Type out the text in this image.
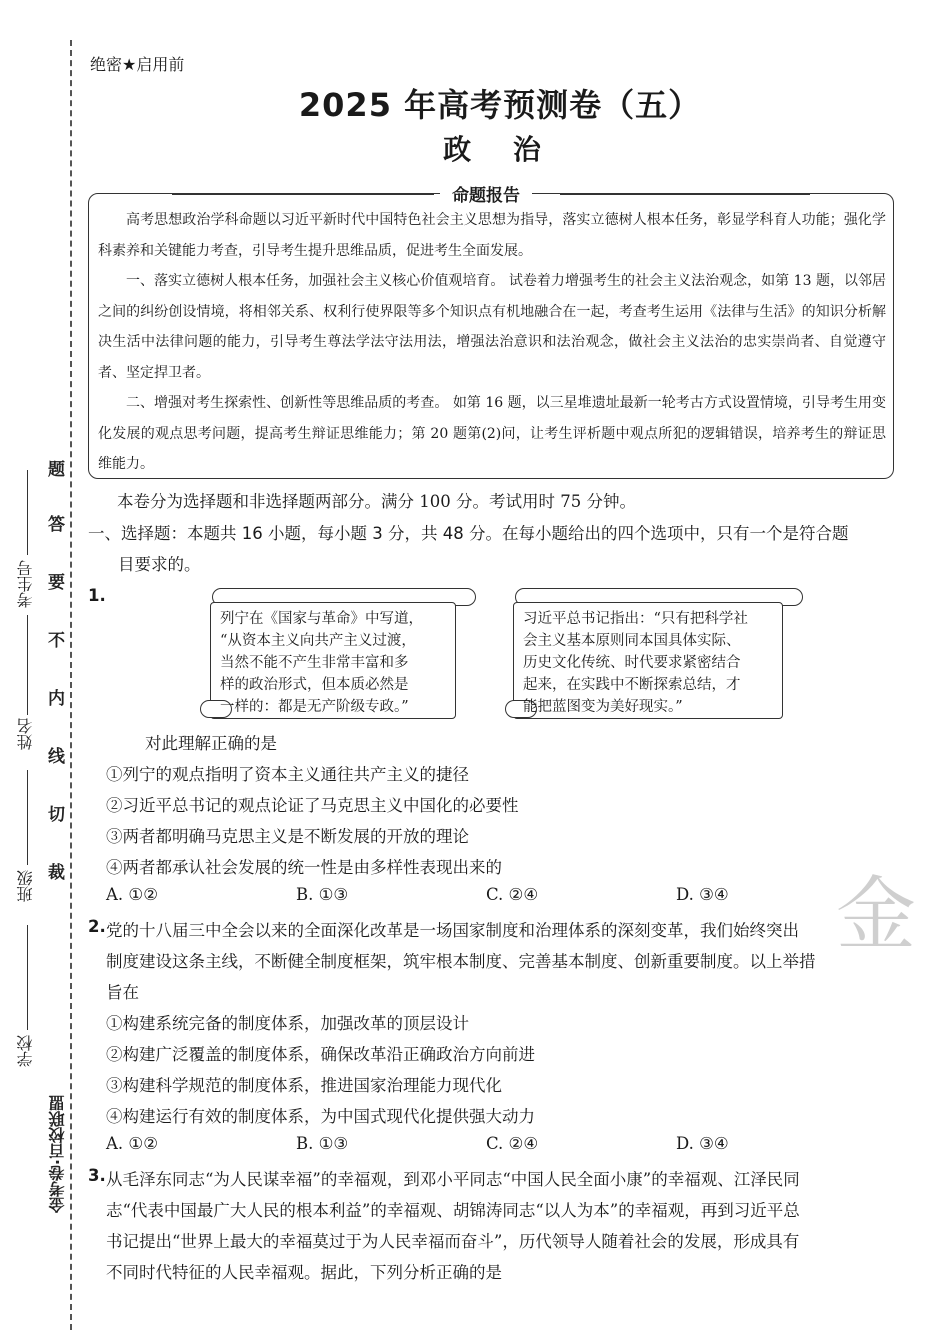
考生号
姓名
班级
学校
金考卷·百校联盟
题
答
要
不
内
线
切
裁
绝密★启用前
2025 年高考预测卷（五）
政 治
命题报告

高考思想政治学科命题以习近平新时代中国特色社会主义思想为指导，落实立德树人根本任务，彰显学科育人功能；强化学科素养和关键能力考查，引导考生提升思维品质，促进考生全面发展。

一、落实立德树人根本任务，加强社会主义核心价值观培育。 试卷着力增强考生的社会主义法治观念，如第 13 题，以邻居之间的纠纷创设情境，将相邻关系、权利行使界限等多个知识点有机地融合在一起，考查考生运用《法律与生活》的知识分析解决生活中法律问题的能力，引导考生尊法学法守法用法，增强法治意识和法治观念，做社会主义法治的忠实崇尚者、自觉遵守者、坚定捍卫者。

二、增强对考生探索性、创新性等思维品质的考查。 如第 16 题，以三星堆遗址最新一轮考古方式设置情境，引导考生用变化发展的观点思考问题，提高考生辩证思维能力；第 20 题第(2)问，让考生评析题中观点所犯的逻辑错误，培养考生的辩证思维能力。

本卷分为选择题和非选择题两部分。满分 100 分。考试用时 75 分钟。
一、选择题：本题共 16 小题，每小题 3 分，共 48 分。在每小题给出的四个选项中，只有一个是符合题
目要求的。
1.
列宁在《国家与革命》中写道，
“从资本主义向共产主义过渡，
当然不能不产生非常丰富和多
样的政治形式，但本质必然是
一样的：都是无产阶级专政。”
习近平总书记指出：“只有把科学社
会主义基本原则同本国具体实际、
历史文化传统、时代要求紧密结合
起来，在实践中不断探索总结，才
能把蓝图变为美好现实。”
对此理解正确的是
①列宁的观点指明了资本主义通往共产主义的捷径
②习近平总书记的观点论证了马克思主义中国化的必要性
③两者都明确马克思主义是不断发展的开放的理论
④两者都承认社会发展的统一性是由多样性表现出来的
A. ①②	B. ①③	C. ②④	D. ③④ 金
2. 党的十八届三中全会以来的全面深化改革是一场国家制度和治理体系的深刻变革，我们始终突出
制度建设这条主线，不断健全制度框架，筑牢根本制度、完善基本制度、创新重要制度。以上举措
旨在
①构建系统完备的制度体系，加强改革的顶层设计
②构建广泛覆盖的制度体系，确保改革沿正确政治方向前进
③构建科学规范的制度体系，推进国家治理能力现代化
④构建运行有效的制度体系，为中国式现代化提供强大动力
A. ①②	B. ①③	C. ②④	D. ③④
3. 从毛泽东同志“为人民谋幸福”的幸福观，到邓小平同志“中国人民全面小康”的幸福观、江泽民同
志“代表中国最广大人民的根本利益”的幸福观、胡锦涛同志“以人为本”的幸福观，再到习近平总
书记提出“世界上最大的幸福莫过于为人民幸福而奋斗”，历代领导人随着社会的发展，形成具有
不同时代特征的人民幸福观。据此，下列分析正确的是
